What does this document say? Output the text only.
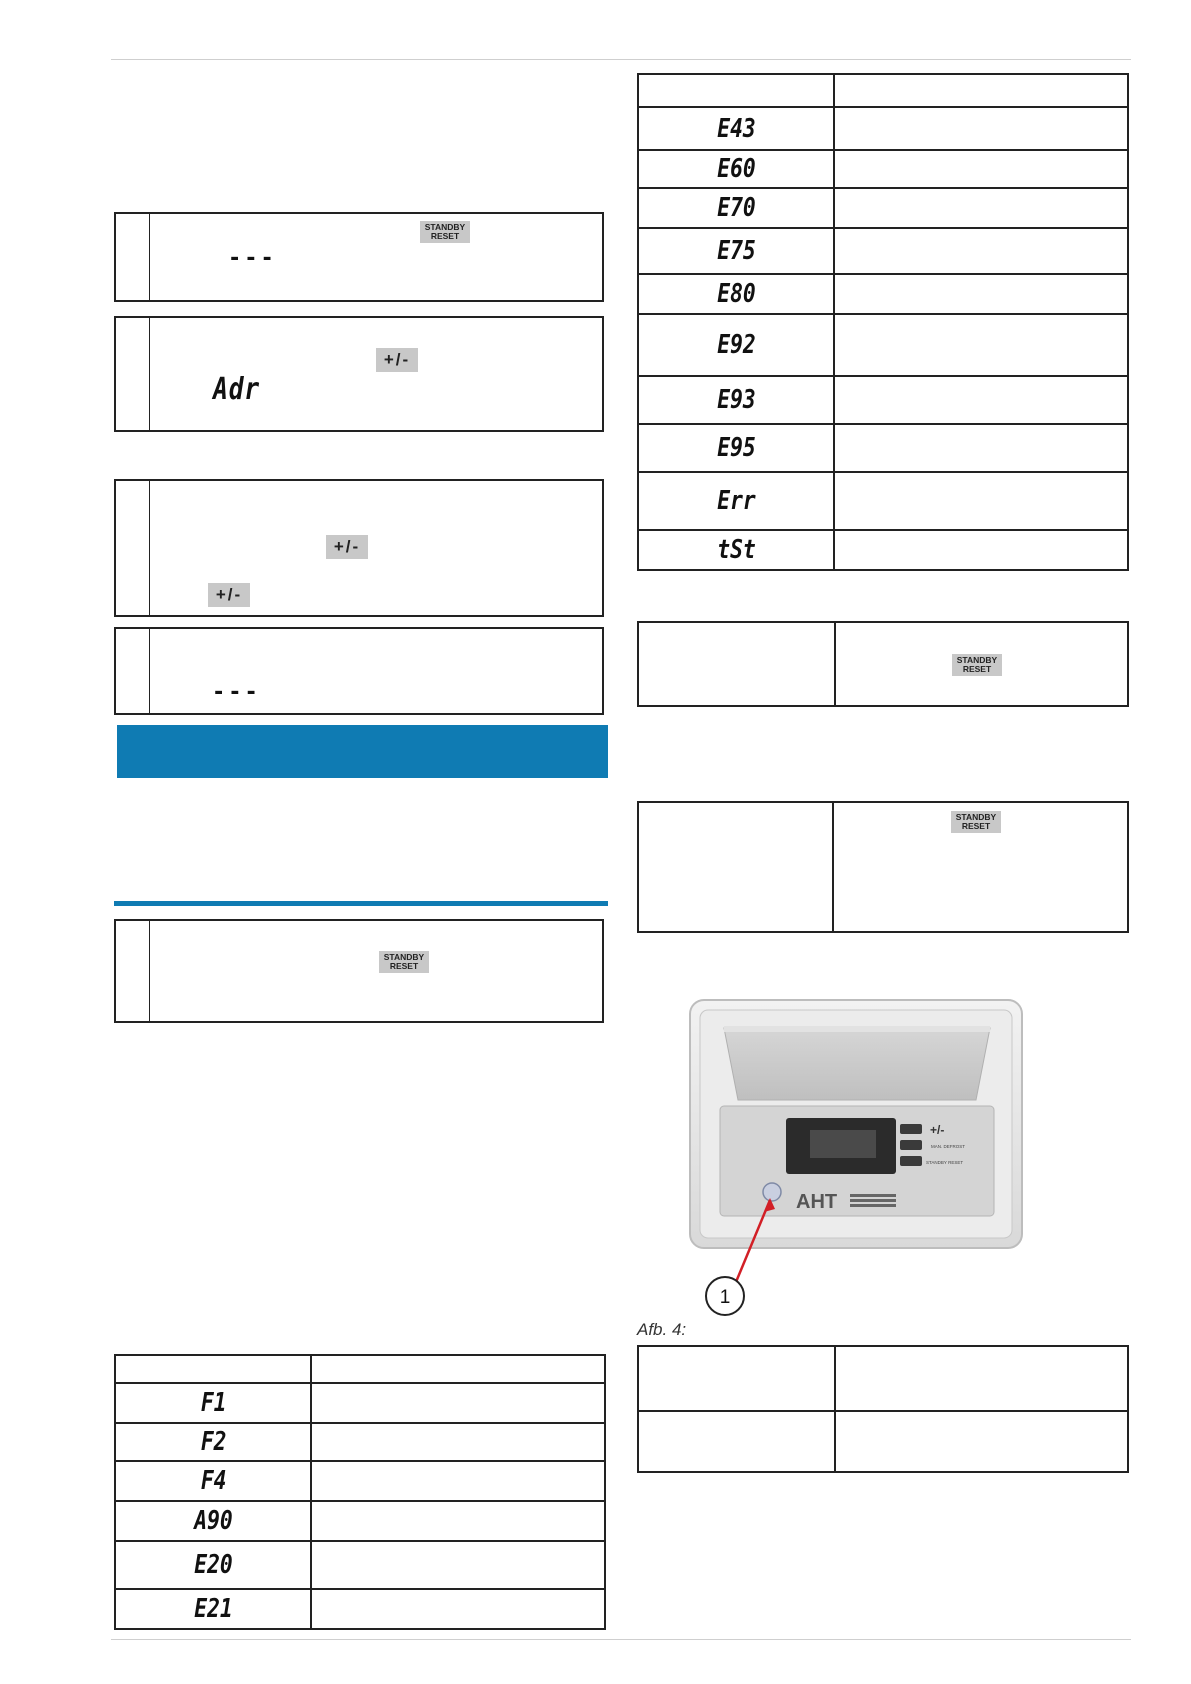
STANDBY
RESET
---
+/-
Adr
+/-
+/-
---
STANDBY
RESET

F1	
F2	
F4	
A90	
E20	
E21	

E43	
E60	
E70	
E75	
E80	
E92	
E93	
E95	
Err	
tSt	
STANDBY
RESET
STANDBY
RESET
+/-
MAN. DEFROST
STANDBY RESET
AHT
1
Afb. 4:
